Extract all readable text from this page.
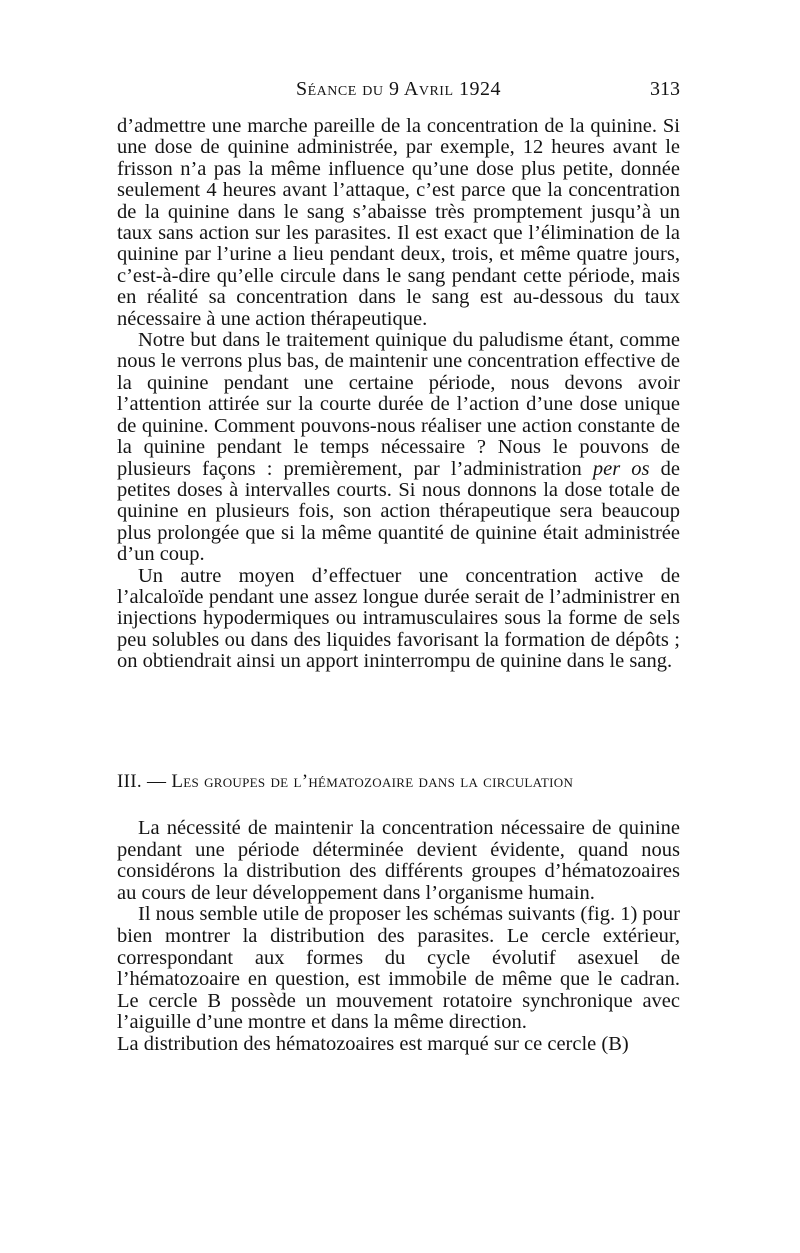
Séance du 9 Avril 1924	313

d’admettre une marche pareille de la concentration de la quinine. Si une dose de quinine administrée, par exemple, 12 heures avant le frisson n’a pas la même influence qu’une dose plus petite, donnée seulement 4 heures avant l’attaque, c’est parce que la concentration de la quinine dans le sang s’abaisse très promptement jusqu’à un taux sans action sur les parasites. Il est exact que l’élimination de la quinine par l’urine a lieu pendant deux, trois, et même quatre jours, c’est-à-dire qu’elle circule dans le sang pendant cette période, mais en réalité sa concentration dans le sang est au-dessous du taux nécessaire à une action thérapeutique.

Notre but dans le traitement quinique du paludisme étant, comme nous le verrons plus bas, de maintenir une concentration effective de la quinine pendant une certaine période, nous devons avoir l’attention attirée sur la courte durée de l’action d’une dose unique de quinine. Comment pouvons-nous réaliser une action constante de la quinine pendant le temps nécessaire ? Nous le pouvons de plusieurs façons : premièrement, par l’administration per os de petites doses à intervalles courts. Si nous donnons la dose totale de quinine en plusieurs fois, son action thérapeutique sera beaucoup plus prolongée que si la même quantité de quinine était administrée d’un coup.

Un autre moyen d’effectuer une concentration active de l’alcaloïde pendant une assez longue durée serait de l’administrer en injections hypodermiques ou intramusculaires sous la forme de sels peu solubles ou dans des liquides favorisant la formation de dépôts ; on obtiendrait ainsi un apport ininterrompu de quinine dans le sang.

III. — Les groupes de l’hématozoaire dans la circulation

La nécessité de maintenir la concentration nécessaire de quinine pendant une période déterminée devient évidente, quand nous considérons la distribution des différents groupes d’hématozoaires au cours de leur développement dans l’organisme humain.

Il nous semble utile de proposer les schémas suivants (fig. 1) pour bien montrer la distribution des parasites. Le cercle extérieur, correspondant aux formes du cycle évolutif asexuel de l’hématozoaire en question, est immobile de même que le cadran. Le cercle B possède un mouvement rotatoire synchronique avec l’aiguille d’une montre et dans la même direction.

La distribution des hématozoaires est marqué sur ce cercle (B)
